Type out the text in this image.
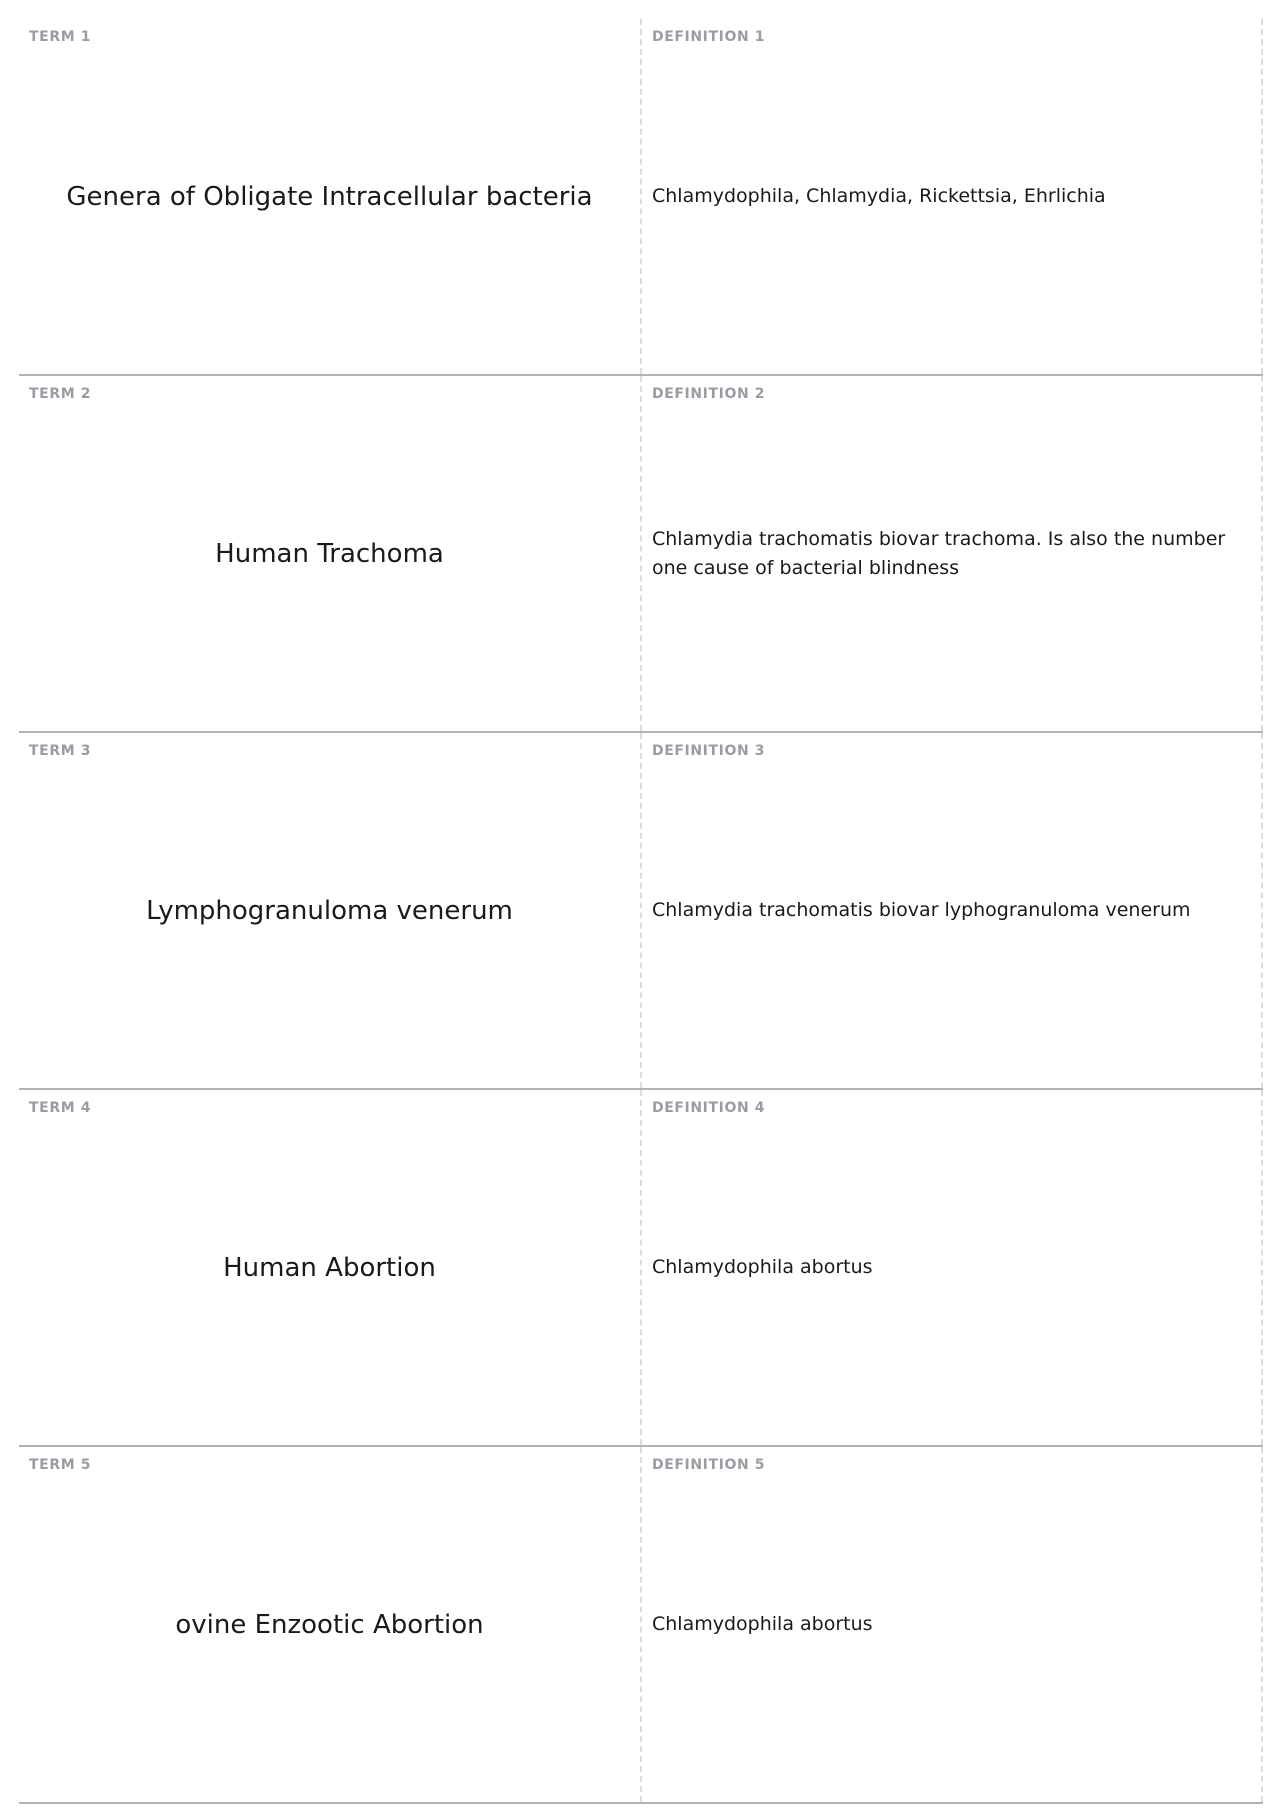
TERM 1
Genera of Obligate Intracellular bacteria
DEFINITION 1
Chlamydophila, Chlamydia, Rickettsia, Ehrlichia
TERM 2
Human Trachoma
DEFINITION 2
Chlamydia trachomatis biovar trachoma. Is also the number one cause of bacterial blindness
TERM 3
Lymphogranuloma venerum
DEFINITION 3
Chlamydia trachomatis biovar lyphogranuloma venerum
TERM 4
Human Abortion
DEFINITION 4
Chlamydophila abortus
TERM 5
ovine Enzootic Abortion
DEFINITION 5
Chlamydophila abortus
